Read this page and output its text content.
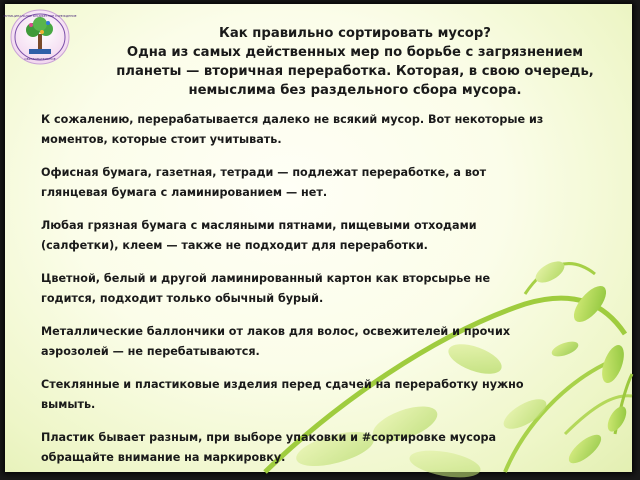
МУНИЦИПАЛЬНОЕ БЮДЖЕТНОЕ УЧРЕЖДЕНИЕ
ОБРАЗОВАТЕЛЬНОЕ
Как правильно сортировать мусор?
Одна из самых действенных мер по борьбе с загрязнением
планеты — вторичная переработка. Которая, в свою очередь,
немыслима без раздельного сбора мусора.
К сожалению, перерабатывается далеко не всякий мусор. Вот некоторые из
моментов, которые стоит учитывать.
Офисная бумага, газетная, тетради — подлежат переработке, а вот
глянцевая бумага с ламинированием — нет.
Любая грязная бумага с масляными пятнами, пищевыми отходами
(салфетки), клеем — также не подходит для переработки.
Цветной, белый и другой ламинированный картон как вторсырье не
годится, подходит только обычный бурый.
Металлические баллончики от лаков для волос, освежителей и прочих
аэрозолей — не перебатываются.
Стеклянные и пластиковые изделия перед сдачей на переработку нужно
вымыть.
Пластик бывает разным, при выборе упаковки и #сортировке мусора
обращайте внимание на маркировку.
